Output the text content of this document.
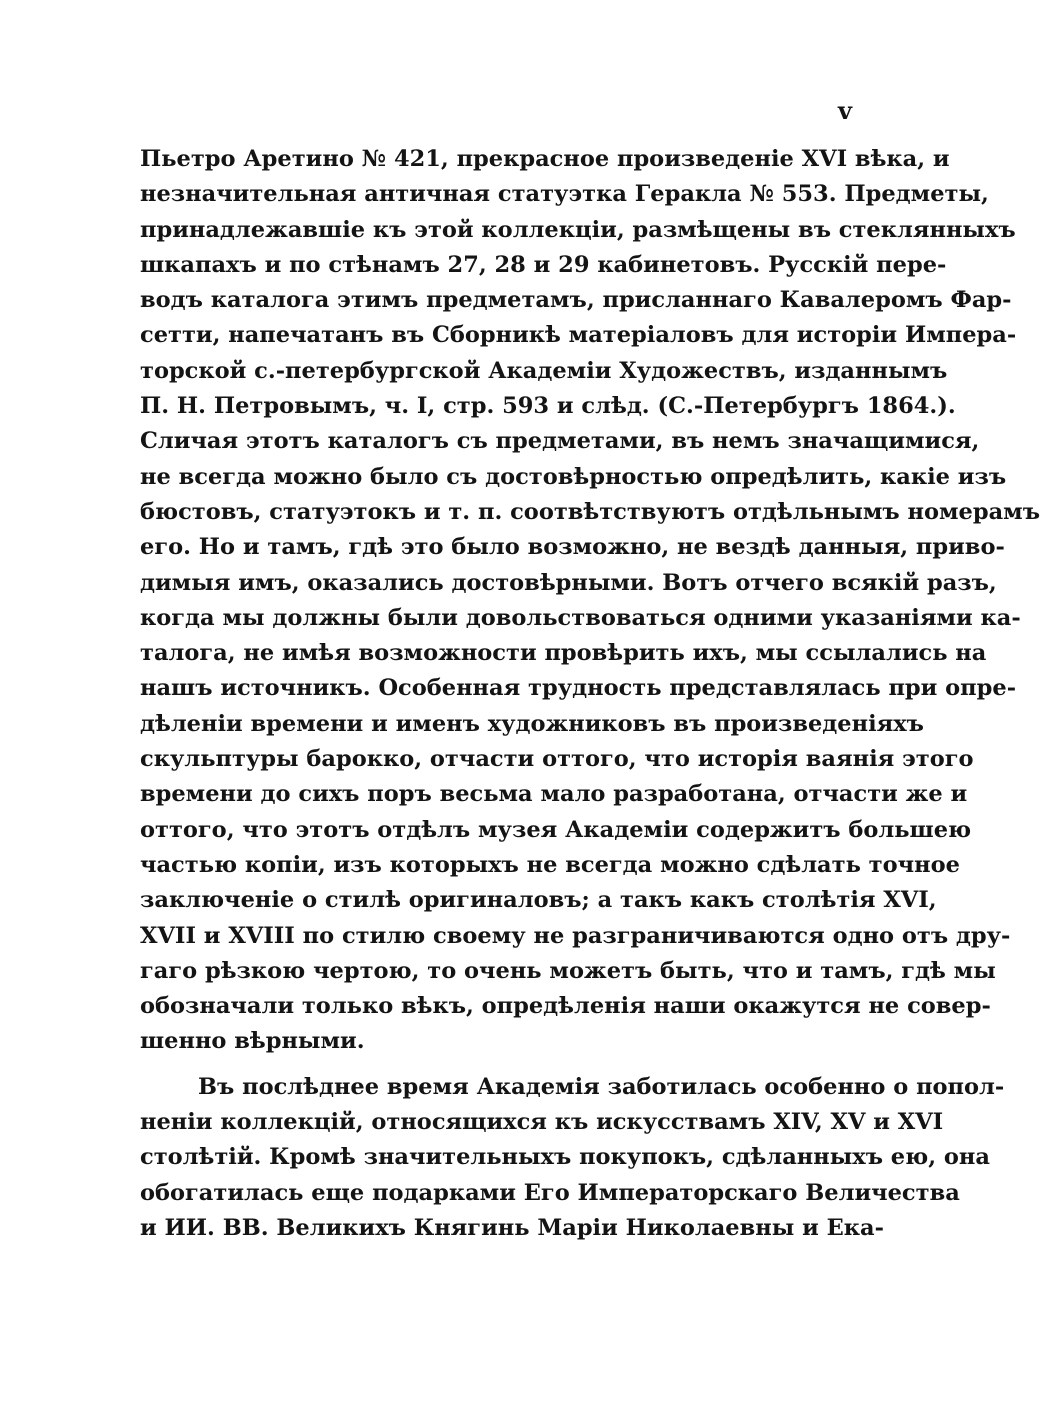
v
Пьетро Аретино № 421, прекрасное произведеніе XVI вѣка, и
незначительная античная статуэтка Геракла № 553. Предметы,
принадлежавшіе къ этой коллекціи, размѣщены въ стеклянныхъ
шкапахъ и по стѣнамъ 27, 28 и 29 кабинетовъ. Русскій пере-
водъ каталога этимъ предметамъ, присланнаго Кавалеромъ Фар-
сетти, напечатанъ въ Сборникѣ матеріаловъ для исторіи Импера-
торской с.-петербургской Академіи Художествъ, изданнымъ
П. Н. Петровымъ, ч. I, стр. 593 и слѣд. (С.-Петербургъ 1864.).
Сличая этотъ каталогъ съ предметами, въ немъ значащимися,
не всегда можно было съ достовѣрностью опредѣлить, какіе изъ
бюстовъ, статуэтокъ и т. п. соотвѣтствуютъ отдѣльнымъ номерамъ
его. Но и тамъ, гдѣ это было возможно, не вездѣ данныя, приво-
димыя имъ, оказались достовѣрными. Вотъ отчего всякій разъ,
когда мы должны были довольствоваться одними указаніями ка-
талога, не имѣя возможности провѣрить ихъ, мы ссылались на
нашъ источникъ. Особенная трудность представлялась при опре-
дѣленіи времени и именъ художниковъ въ произведеніяхъ
скульптуры барокко, отчасти оттого, что исторія ваянія этого
времени до сихъ поръ весьма мало разработана, отчасти же и
оттого, что этотъ отдѣлъ музея Академіи содержитъ большею
частью копіи, изъ которыхъ не всегда можно сдѣлать точное
заключеніе о стилѣ оригиналовъ; а такъ какъ столѣтія XVI,
XVII и XVIII по стилю своему не разграничиваются одно отъ дру-
гаго рѣзкою чертою, то очень можетъ быть, что и тамъ, гдѣ мы
обозначали только вѣкъ, опредѣленія наши окажутся не совер-
шенно вѣрными.
Въ послѣднее время Академія заботилась особенно о попол-
неніи коллекцій, относящихся къ искусствамъ XIV, XV и XVI
столѣтій. Кромѣ значительныхъ покупокъ, сдѣланныхъ ею, она
обогатилась еще подарками Его Императорскаго Величества
и ИИ. ВВ. Великихъ Княгинь Маріи Николаевны и Ека-
